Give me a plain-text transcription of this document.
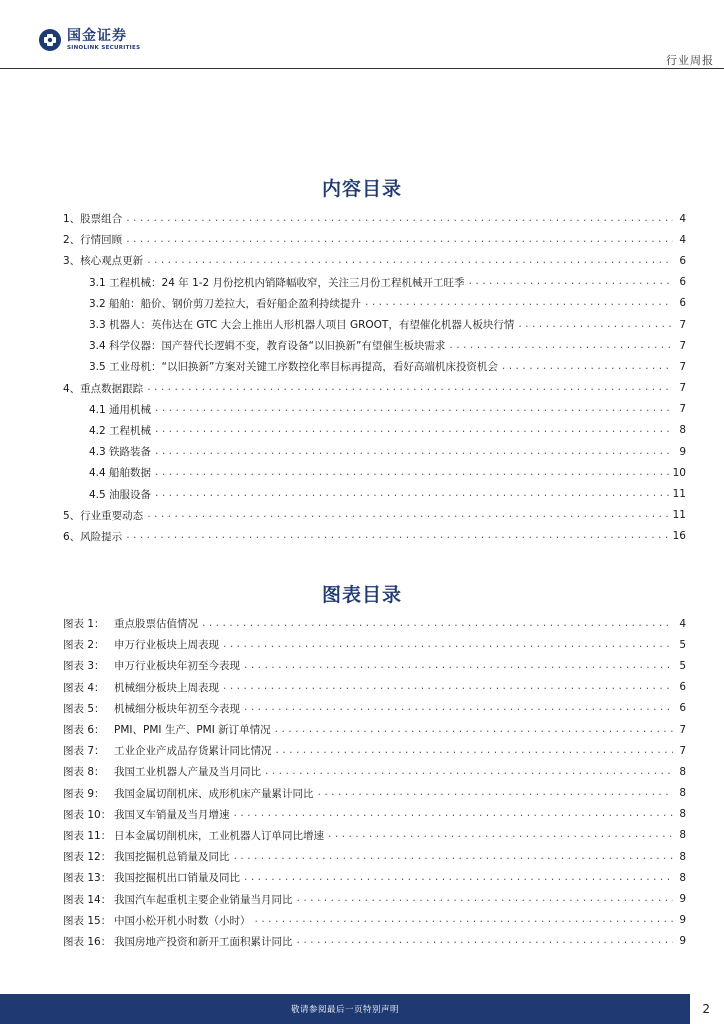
国金证券
SINOLINK SECURITIES
行业周报
内容目录
1、股票组合 .....	4
2、行情回顾 .....	4
3、核心观点更新 .....	6
3.1 工程机械：24 年 1-2 月份挖机内销降幅收窄，关注三月份工程机械开工旺季 .....	6
3.2 船舶：船价、钢价剪刀差拉大，看好船企盈利持续提升 .....	6
3.3 机器人：英伟达在 GTC 大会上推出人形机器人项目 GROOT，有望催化机器人板块行情 .....	7
3.4 科学仪器：国产替代长逻辑不变，教育设备“以旧换新”有望催生板块需求 .....	7
3.5 工业母机：“以旧换新”方案对关键工序数控化率目标再提高，看好高端机床投资机会 .....	7
4、重点数据跟踪 .....	7
4.1 通用机械 .....	7
4.2 工程机械 .....	8
4.3 铁路装备 .....	9
4.4 船舶数据 .....	10
4.5 油服设备 .....	11
5、行业重要动态 .....	11
6、风险提示 .....	16
图表目录
图表 1： 重点股票估值情况 .....	4
图表 2： 申万行业板块上周表现 .....	5
图表 3： 申万行业板块年初至今表现 .....	5
图表 4： 机械细分板块上周表现 .....	6
图表 5： 机械细分板块年初至今表现 .....	6
图表 6： PMI、PMI 生产、PMI 新订单情况 .....	7
图表 7： 工业企业产成品存货累计同比情况 .....	7
图表 8： 我国工业机器人产量及当月同比 .....	8
图表 9： 我国金属切削机床、成形机床产量累计同比 .....	8
图表 10： 我国叉车销量及当月增速 .....	8
图表 11： 日本金属切削机床，工业机器人订单同比增速 .....	8
图表 12： 我国挖掘机总销量及同比 .....	8
图表 13： 我国挖掘机出口销量及同比 .....	8
图表 14： 我国汽车起重机主要企业销量当月同比 .....	9
图表 15： 中国小松开机小时数（小时） .....	9
图表 16： 我国房地产投资和新开工面积累计同比 .....	9
敬请参阅最后一页特别声明	2
